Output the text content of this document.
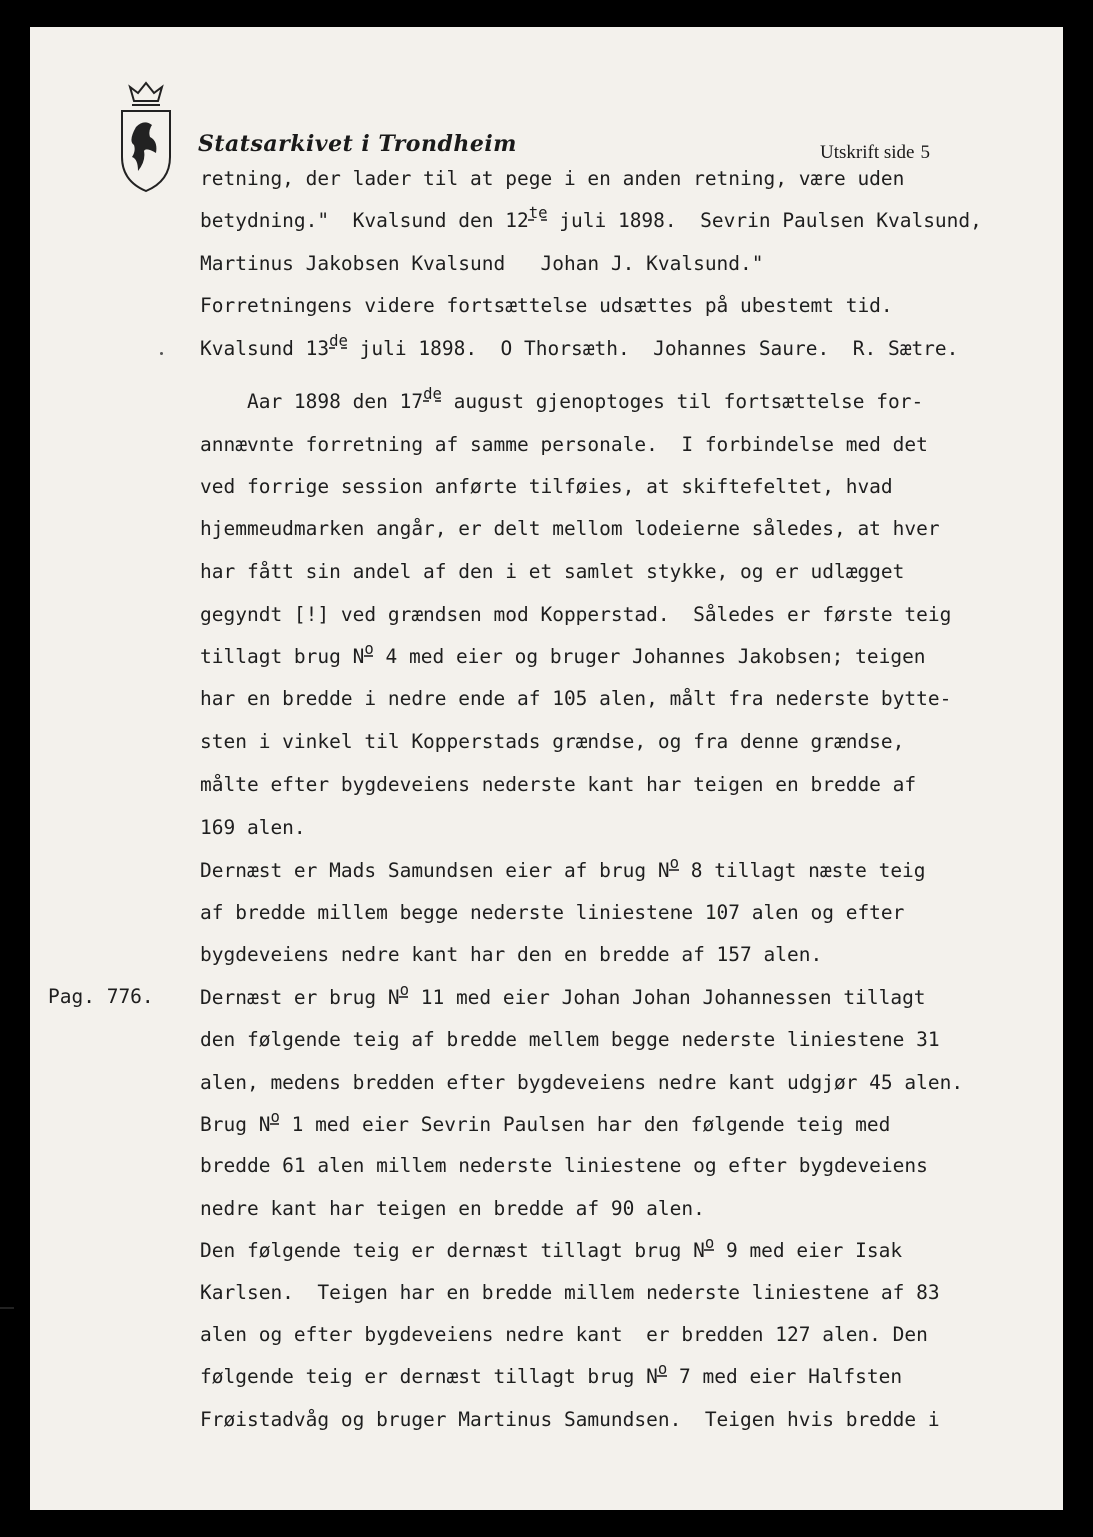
Statsarkivet i Trondheim	Utskrift side 5
Pag. 776.
retning, der lader til at pege i en anden retning, være uden
betydning."  Kvalsund den $12^{te}$ juli 1898.  Sevrin Paulsen Kvalsund,
Martinus Jakobsen Kvalsund   Johan J. Kvalsund."
Forretningens videre fortsættelse udsættes på ubestemt tid.
Kvalsund 13de juli 1898.  O Thorsæth.  Johannes Saure.  R. Sætre.
Aar 1898 den 17de august gjenoptoges til fortsættelse for-
annævnte forretning af samme personale.  I forbindelse med det
ved forrige session anførte tilføies, at skiftefeltet, hvad
hjemmeudmarken angår, er delt mellom lodeierne således, at hver
har fått sin andel af den i et samlet stykke, og er udlægget
gegyndt [!] ved grændsen mod Kopperstad.  Således er første teig
tillagt brug $N^o$ 4 med eier og bruger Johannes Jakobsen; teigen
har en bredde i nedre ende af 105 alen, målt fra nederste bytte-
sten i vinkel til Kopperstads grændse, og fra denne grændse,
målte efter bygdeveiens nederste kant har teigen en bredde af
169 alen.
Dernæst er Mads Samundsen eier af brug $N^o$ 8 tillagt næste teig
af bredde millem begge nederste liniestene 107 alen og efter
bygdeveiens nedre kant har den en bredde af 157 alen.
Dernæst er brug $N^o$ 11 med eier Johan Johan Johannessen tillagt
den følgende teig af bredde mellem begge nederste liniestene 31
alen, medens bredden efter bygdeveiens nedre kant udgjør 45 alen.
Brug $N^o$ 1 med eier Sevrin Paulsen har den følgende teig med
bredde 61 alen millem nederste liniestene og efter bygdeveiens
nedre kant har teigen en bredde af 90 alen.
Den følgende teig er dernæst tillagt brug $N^o$ 9 med eier Isak
Karlsen.  Teigen har en bredde millem nederste liniestene af 83
alen og efter bygdeveiens nedre kant  er bredden 127 alen. Den
følgende teig er dernæst tillagt brug $N^o$ 7 med eier Halfsten
Frøistadvåg og bruger Martinus Samundsen.  Teigen hvis bredde i
